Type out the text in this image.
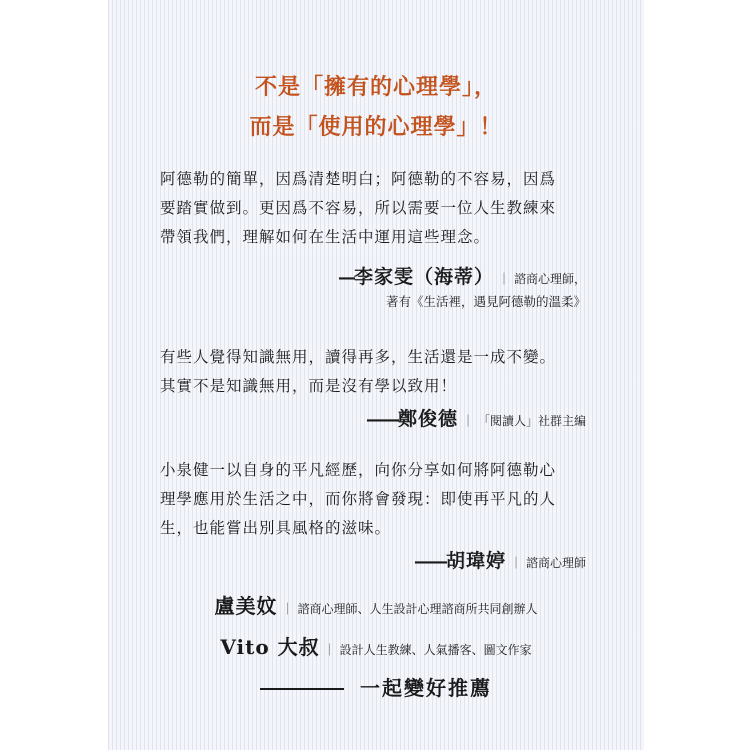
不是「擁有的心理學」，
而是「使用的心理學」！
阿德勒的簡單，因爲清楚明白；阿德勒的不容易，因爲
要踏實做到。更因爲不容易，所以需要一位人生教練來
帶領我們，理解如何在生活中運用這些理念。
—李家雯（海蒂） ｜ 諮商心理師，
著有《生活裡，遇見阿德勒的溫柔》
有些人覺得知識無用，讀得再多，生活還是一成不變。
其實不是知識無用，而是沒有學以致用！
——鄭俊德 ｜ 「閱讀人」社群主編
小泉健一以自身的平凡經歷，向你分享如何將阿德勒心
理學應用於生活之中，而你將會發現：即使再平凡的人
生，也能嘗出別具風格的滋味。
——胡瑋婷 ｜ 諮商心理師
盧美妏 ｜ 諮商心理師、人生設計心理諮商所共同創辦人
Vito 大叔 ｜ 設計人生教練、人氣播客、圖文作家
一起變好推薦
